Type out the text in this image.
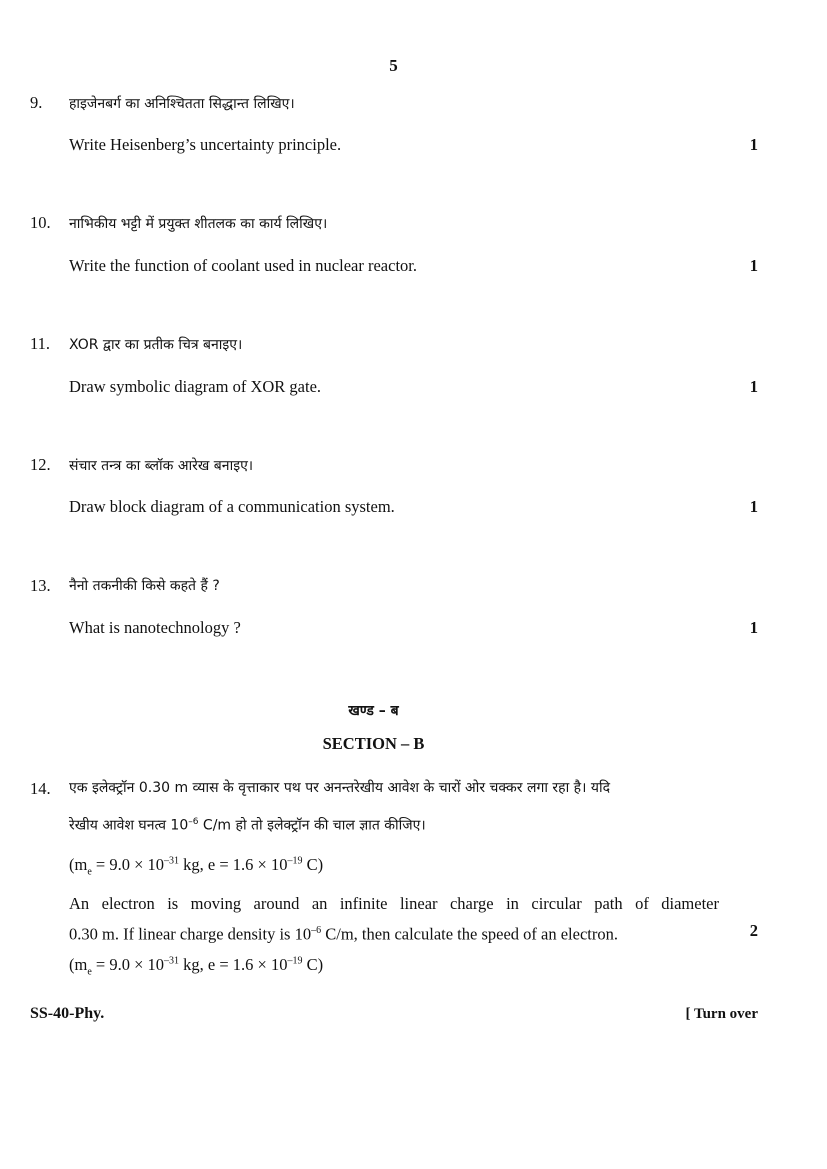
5
9. हाइजेनबर्ग का अनिश्चितता सिद्धान्त लिखिए।
Write Heisenberg’s uncertainty principle.	1
10. नाभिकीय भट्टी में प्रयुक्त शीतलक का कार्य लिखिए।
Write the function of coolant used in nuclear reactor.	1
11. XOR द्वार का प्रतीक चित्र बनाइए।
Draw symbolic diagram of XOR gate.	1
12. संचार तन्त्र का ब्लॉक आरेख बनाइए।
Draw block diagram of a communication system.	1
13. नैनो तकनीकी किसे कहते हैं ?
What is nanotechnology ?	1
खण्ड – ब
SECTION – B
14. एक इलेक्ट्रॉन 0.30 m व्यास के वृत्ताकार पथ पर अनन्तरेखीय आवेश के चारों ओर चक्कर लगा रहा है। यदि
रेखीय आवेश घनत्व $10^{-6}$ C/m हो तो इलेक्ट्रॉन की चाल ज्ञात कीजिए।
($m_e = 9.0 \times 10^{-31}$ kg, $e = 1.6 \times 10^{-19}$ C)
An electron is moving around an infinite linear charge in circular path of diameter
0.30 m. If linear charge density is $10^{-6}$ C/m, then calculate the speed of an electron.	2
($m_e = 9.0 \times 10^{-31}$ kg, $e = 1.6 \times 10^{-19}$ C)
SS-40-Phy.	[ Turn over
